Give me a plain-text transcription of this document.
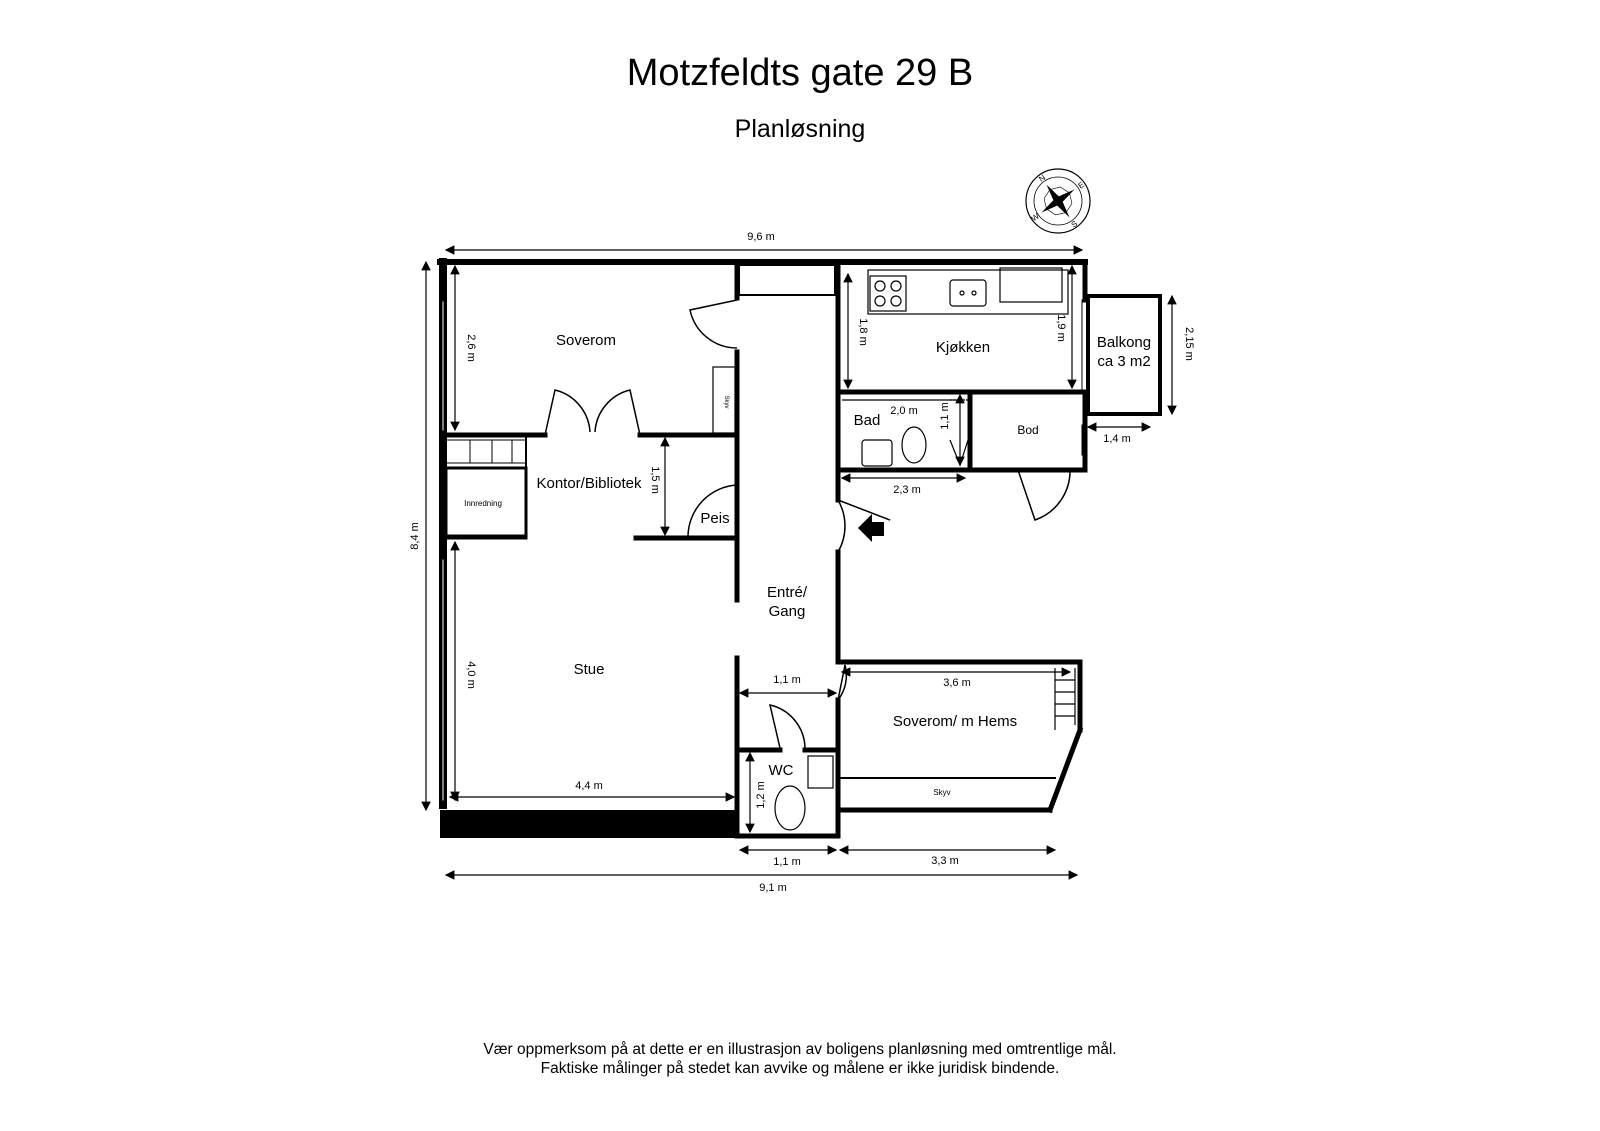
Motzfeldts gate 29 B
Planløsning
Soverom	Kjøkken	Balkong
ca 3 m2
Bad
Bod
Kontor/Bibliotek
Innredning
Peis
Entré/
Gang
Stue
WC
Soverom/ m Hems
Skyv
Skyv
9,6 m
8,4 m
2,6 m
1,8 m	1,9 m	2,15 m
1,4 m
2,0 m 1,1 m
2,3 m
1,5 m
4,0 m
4,4 m
1,1 m	3,6 m
1,2 m
1,1 m	3,3 m
9,1 m
N
E
S
W
Vær oppmerksom på at dette er en illustrasjon av boligens planløsning med omtrentlige mål.
Faktiske målinger på stedet kan avvike og målene er ikke juridisk bindende.
